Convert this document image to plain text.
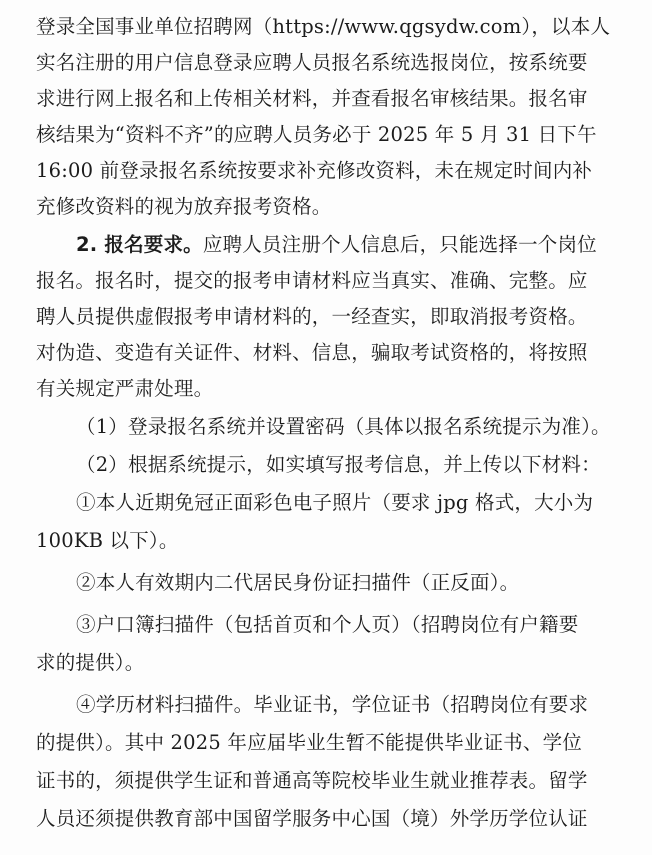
登录全国事业单位招聘网（https://www.qgsydw.com），以本人
实名注册的用户信息登录应聘人员报名系统选报岗位，按系统要
求进行网上报名和上传相关材料，并查看报名审核结果。报名审
核结果为“资料不齐”的应聘人员务必于 2025 年 5 月 31 日下午
16:00 前登录报名系统按要求补充修改资料，未在规定时间内补
充修改资料的视为放弃报考资格。
2. 报名要求。应聘人员注册个人信息后，只能选择一个岗位
报名。报名时，提交的报考申请材料应当真实、准确、完整。应
聘人员提供虚假报考申请材料的，一经查实，即取消报考资格。
对伪造、变造有关证件、材料、信息，骗取考试资格的，将按照
有关规定严肃处理。
（1）登录报名系统并设置密码（具体以报名系统提示为准）。
（2）根据系统提示，如实填写报考信息，并上传以下材料：
①本人近期免冠正面彩色电子照片（要求 jpg 格式，大小为
100KB 以下）。
②本人有效期内二代居民身份证扫描件（正反面）。
③户口簿扫描件（包括首页和个人页）（招聘岗位有户籍要
求的提供）。
④学历材料扫描件。毕业证书，学位证书（招聘岗位有要求
的提供）。其中 2025 年应届毕业生暂不能提供毕业证书、学位
证书的，须提供学生证和普通高等院校毕业生就业推荐表。留学
人员还须提供教育部中国留学服务中心国（境）外学历学位认证
